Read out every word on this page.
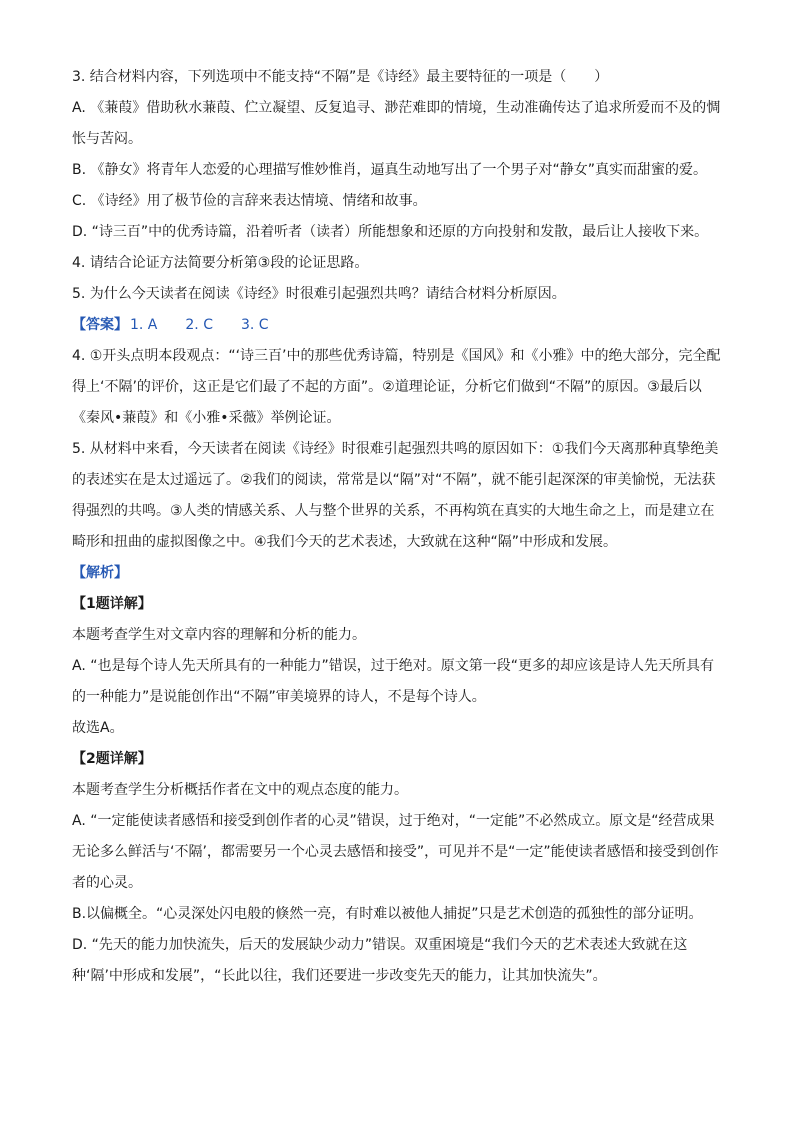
3. 结合材料内容，下列选项中不能支持“不隔”是《诗经》最主要特征的一项是（　　）

A. 《蒹葭》借助秋水蒹葭、伫立凝望、反复追寻、渺茫难即的情境，生动准确传达了追求所爱而不及的惆怅与苦闷。

B. 《静女》将青年人恋爱的心理描写惟妙惟肖，逼真生动地写出了一个男子对“静女”真实而甜蜜的爱。

C. 《诗经》用了极节俭的言辞来表达情境、情绪和故事。

D. “诗三百”中的优秀诗篇，沿着听者（读者）所能想象和还原的方向投射和发散，最后让人接收下来。

4. 请结合论证方法简要分析第③段的论证思路。

5. 为什么今天读者在阅读《诗经》时很难引起强烈共鸣？请结合材料分析原因。

【答案】 1. A　　2. C　　3. C

4. ①开头点明本段观点：“‘诗三百’中的那些优秀诗篇，特别是《国风》和《小雅》中的绝大部分，完全配得上‘不隔’的评价，这正是它们最了不起的方面”。②道理论证，分析它们做到“不隔”的原因。③最后以《秦风•蒹葭》和《小雅•采薇》举例论证。

5. 从材料中来看，今天读者在阅读《诗经》时很难引起强烈共鸣的原因如下：①我们今天离那种真挚绝美的表述实在是太过遥远了。②我们的阅读，常常是以“隔”对“不隔”，就不能引起深深的审美愉悦，无法获得强烈的共鸣。③人类的情感关系、人与整个世界的关系，不再构筑在真实的大地生命之上，而是建立在畸形和扭曲的虚拟图像之中。④我们今天的艺术表述，大致就在这种“隔”中形成和发展。

【解析】

【1题详解】

本题考查学生对文章内容的理解和分析的能力。

A. “也是每个诗人先天所具有的一种能力”错误，过于绝对。原文第一段“更多的却应该是诗人先天所具有的一种能力”是说能创作出“不隔”审美境界的诗人，不是每个诗人。

故选A。

【2题详解】

本题考查学生分析概括作者在文中的观点态度的能力。

A. “一定能使读者感悟和接受到创作者的心灵”错误，过于绝对，“一定能”不必然成立。原文是“经营成果无论多么鲜活与‘不隔’，都需要另一个心灵去感悟和接受”，可见并不是“一定”能使读者感悟和接受到创作者的心灵。

B.以偏概全。“心灵深处闪电般的倏然一亮，有时难以被他人捕捉”只是艺术创造的孤独性的部分证明。

D. “先天的能力加快流失，后天的发展缺少动力”错误。双重困境是“我们今天的艺术表述大致就在这种‘隔’中形成和发展”，“长此以往，我们还要进一步改变先天的能力，让其加快流失”。
